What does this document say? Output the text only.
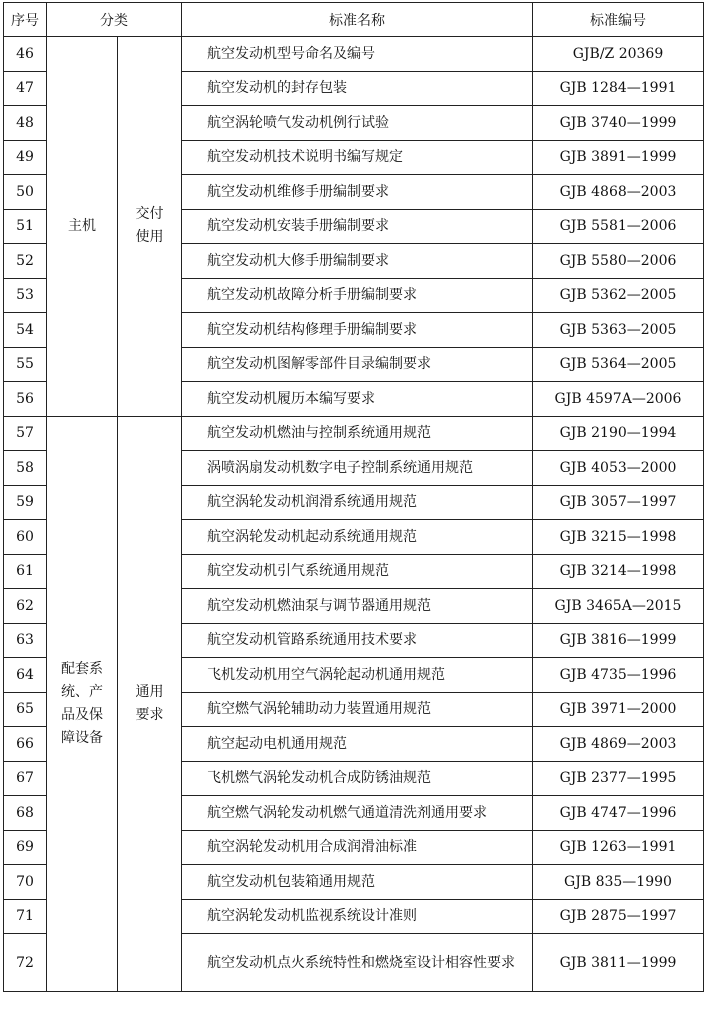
序号	分类		标准名称	标准编号
46	主机	交付使用	航空发动机型号命名及编号	GJB/Z 20369
47			航空发动机的封存包装	GJB 1284—1991
48			航空涡轮喷气发动机例行试验	GJB 3740—1999
49			航空发动机技术说明书编写规定	GJB 3891—1999
50			航空发动机维修手册编制要求	GJB 4868—2003
51			航空发动机安装手册编制要求	GJB 5581—2006
52			航空发动机大修手册编制要求	GJB 5580—2006
53			航空发动机故障分析手册编制要求	GJB 5362—2005
54			航空发动机结构修理手册编制要求	GJB 5363—2005
55			航空发动机图解零部件目录编制要求	GJB 5364—2005
56			航空发动机履历本编写要求	GJB 4597A—2006
57	配套系统、产品及保障设备	通用要求	航空发动机燃油与控制系统通用规范	GJB 2190—1994
58			涡喷涡扇发动机数字电子控制系统通用规范	GJB 4053—2000
59			航空涡轮发动机润滑系统通用规范	GJB 3057—1997
60			航空涡轮发动机起动系统通用规范	GJB 3215—1998
61			航空发动机引气系统通用规范	GJB 3214—1998
62			航空发动机燃油泵与调节器通用规范	GJB 3465A—2015
63			航空发动机管路系统通用技术要求	GJB 3816—1999
64			飞机发动机用空气涡轮起动机通用规范	GJB 4735—1996
65			航空燃气涡轮辅助动力装置通用规范	GJB 3971—2000
66			航空起动电机通用规范	GJB 4869—2003
67			飞机燃气涡轮发动机合成防锈油规范	GJB 2377—1995
68			航空燃气涡轮发动机燃气通道清洗剂通用要求	GJB 4747—1996
69			航空涡轮发动机用合成润滑油标准	GJB 1263—1991
70			航空发动机包装箱通用规范	GJB 835—1990
71			航空涡轮发动机监视系统设计准则	GJB 2875—1997
72			航空发动机点火系统特性和燃烧室设计相容性要求	GJB 3811—1999
